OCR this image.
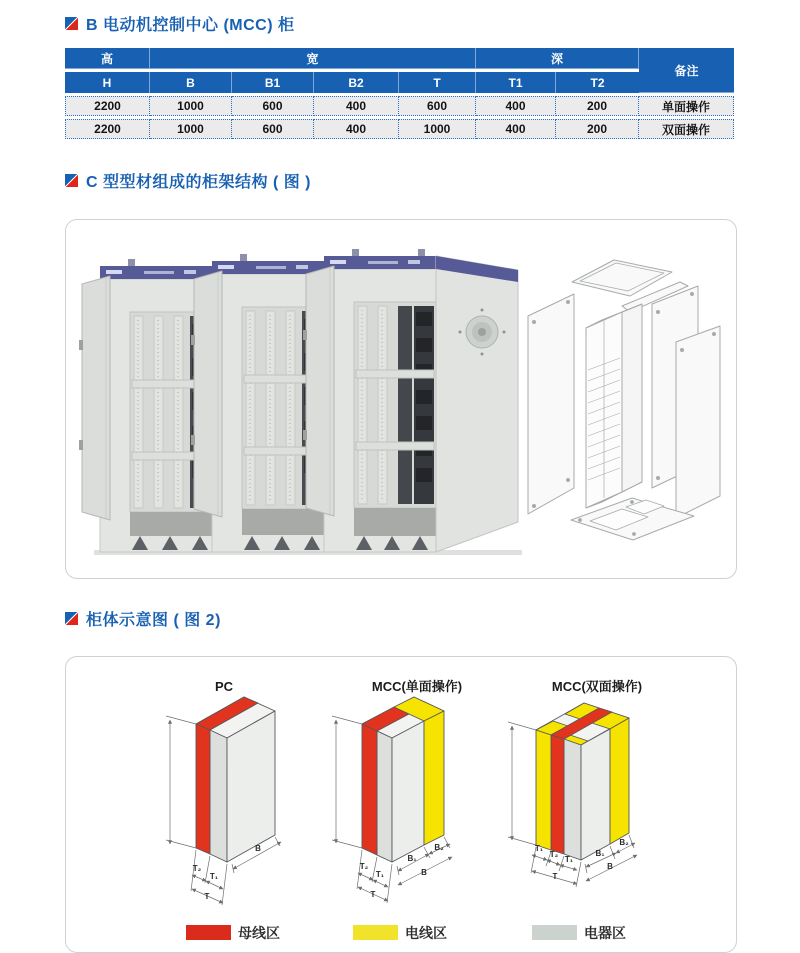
B 电动机控制中心 (MCC) 柜
高	宽				深		备注
H	B	B1	B2	T	T1	T2	
2200	1000	600	400	600	400	200	单面操作
2200	1000	600	400	1000	400	200	双面操作
C 型型材组成的柜架结构 ( 图 )
柜体示意图 ( 图 2)
PC	MCC(单面操作)	MCC(双面操作)
T₂
T₁
T
B
T₂
T₁
T
B₁
B₂
B
T₁
T₂
T₁
T
B₁
B₂
B
母线区	电线区	电器区
